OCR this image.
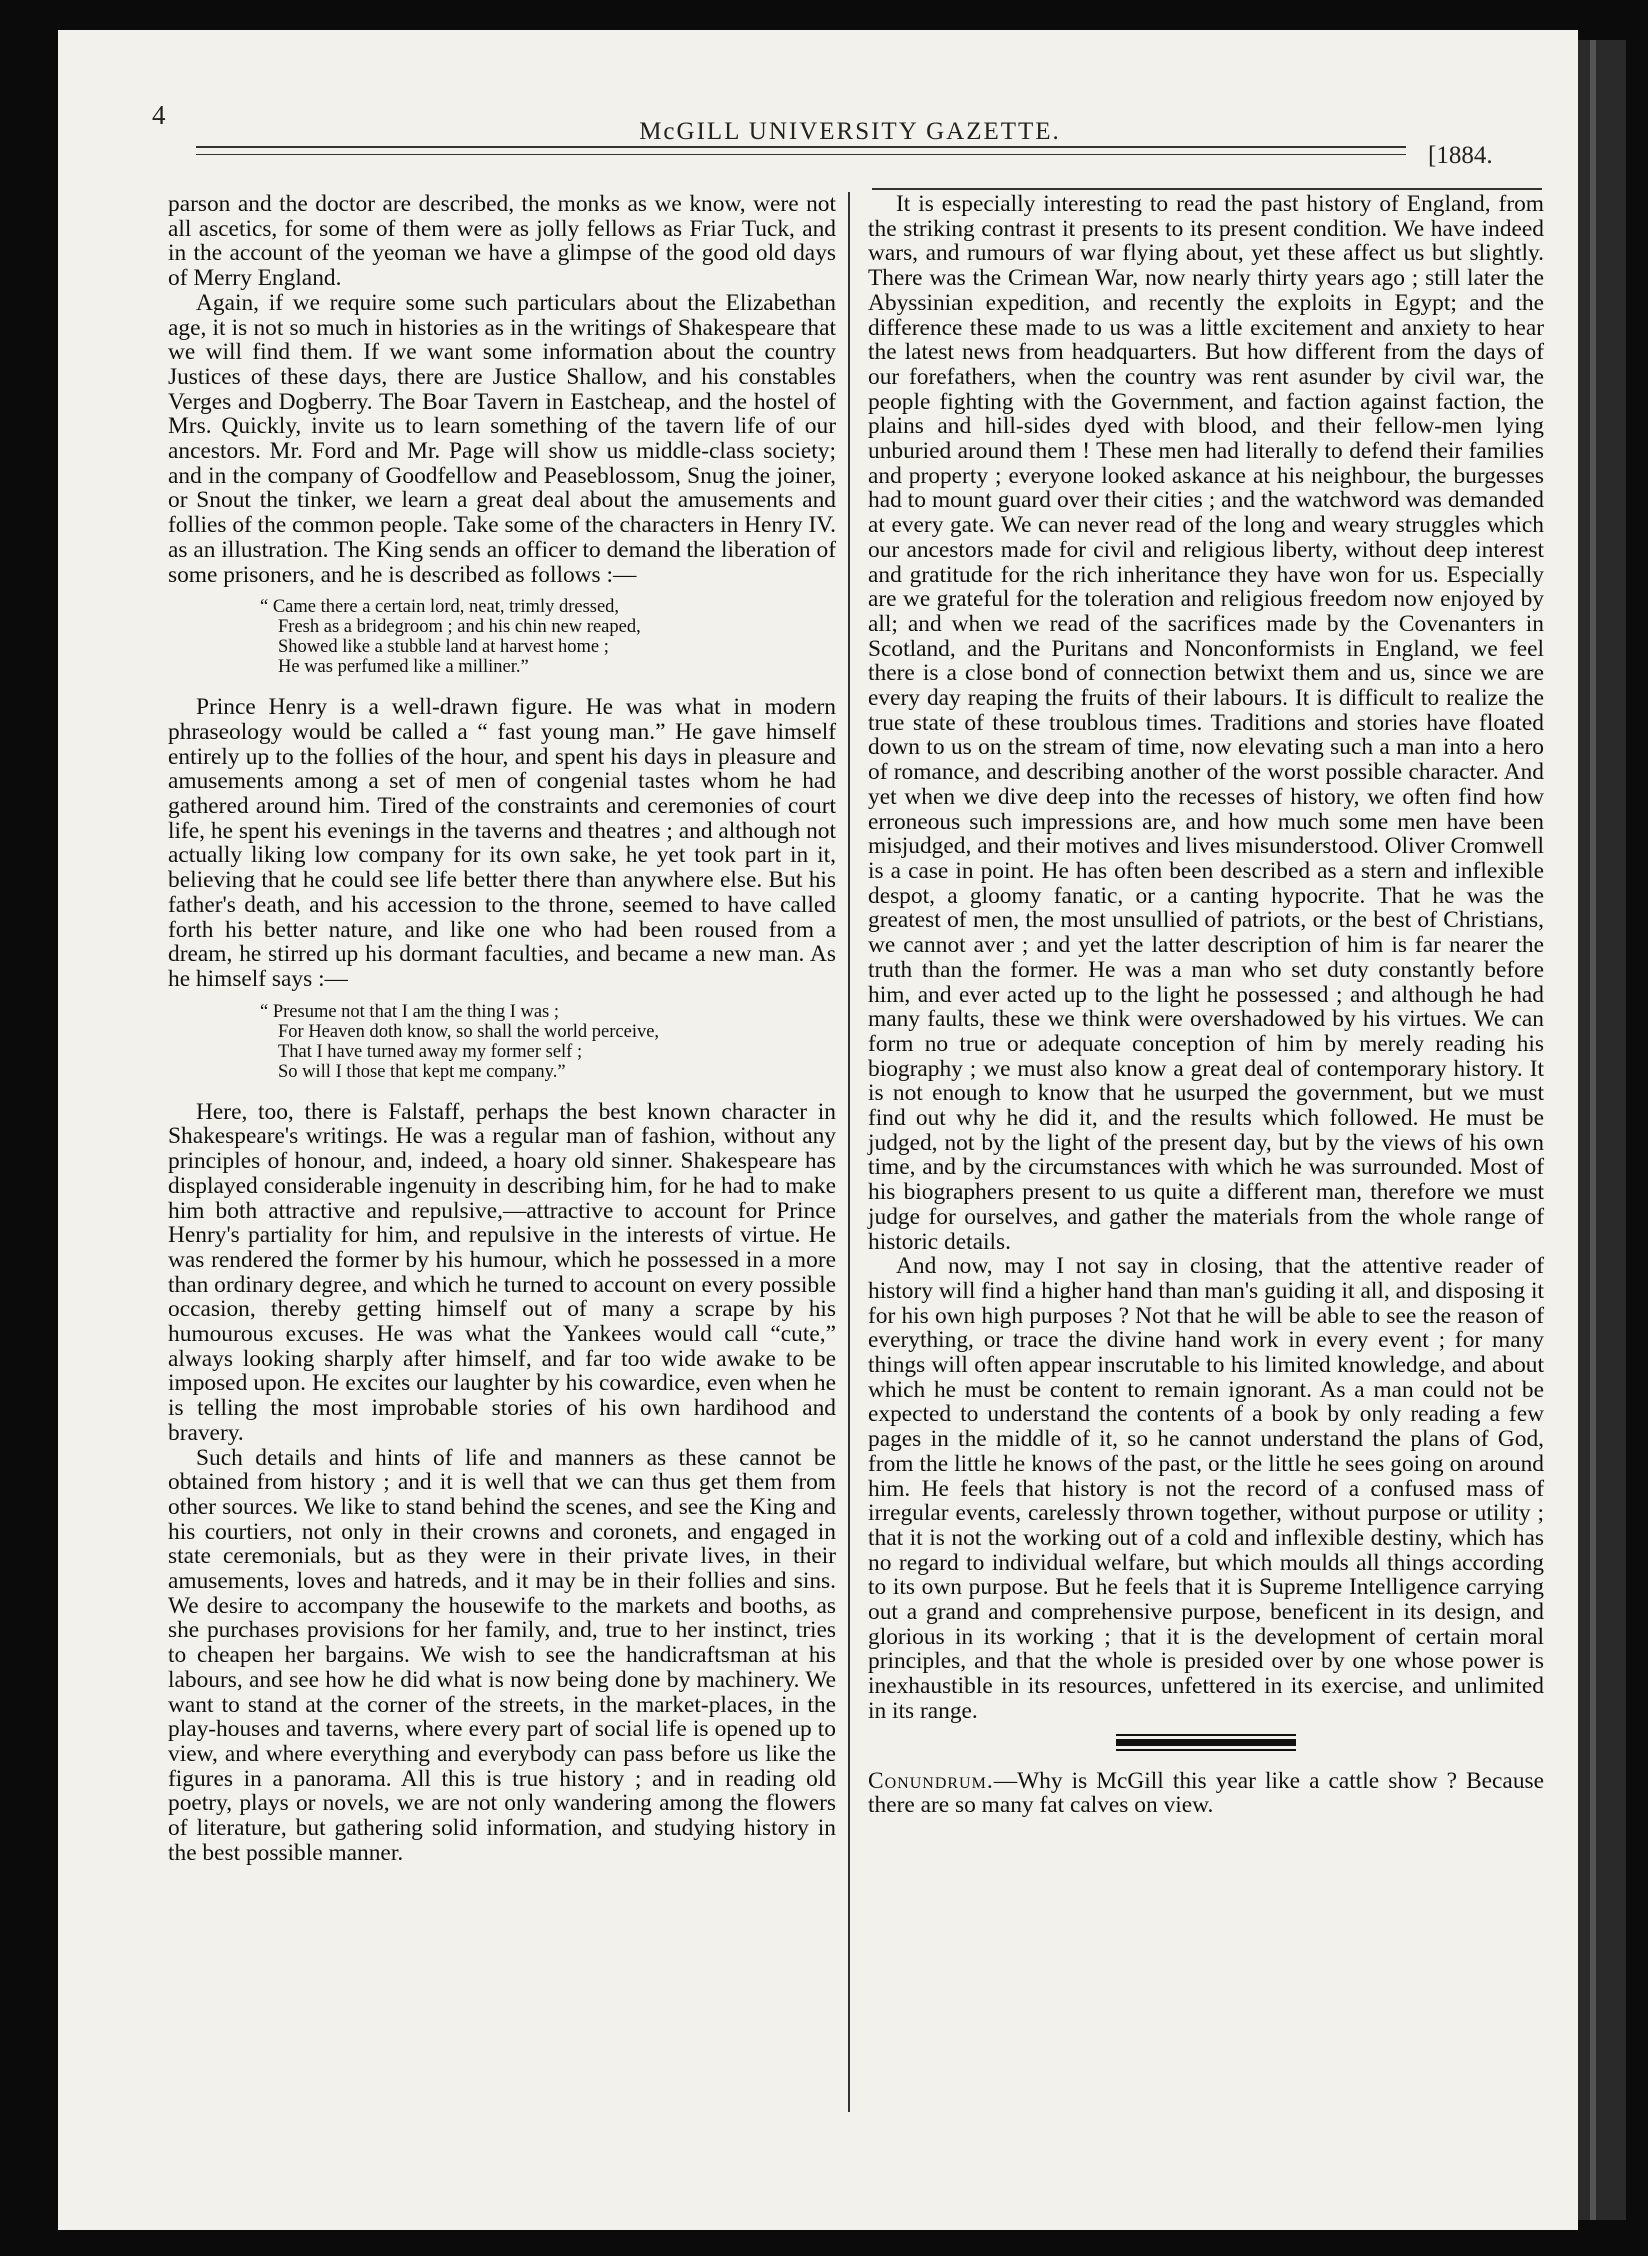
4
McGILL UNIVERSITY GAZETTE.
[1884.

parson and the doctor are described, the monks as we know, were not all ascetics, for some of them were as jolly fellows as Friar Tuck, and in the account of the yeoman we have a glimpse of the good old days of Merry England.

Again, if we require some such particulars about the Elizabethan age, it is not so much in histories as in the writings of Shakespeare that we will find them. If we want some information about the country Justices of these days, there are Justice Shallow, and his constables Verges and Dogberry. The Boar Tavern in Eastcheap, and the hostel of Mrs. Quickly, invite us to learn something of the tavern life of our ancestors. Mr. Ford and Mr. Page will show us middle-class society; and in the company of Goodfellow and Peaseblossom, Snug the joiner, or Snout the tinker, we learn a great deal about the amusements and follies of the common people. Take some of the characters in Henry IV. as an illustration. The King sends an officer to demand the liberation of some prisoners, and he is described as follows :—

“ Came there a certain lord, neat, trimly dressed,
Fresh as a bridegroom ; and his chin new reaped,
Showed like a stubble land at harvest home ;
He was perfumed like a milliner.”

Prince Henry is a well-drawn figure. He was what in modern phraseology would be called a “ fast young man.” He gave himself entirely up to the follies of the hour, and spent his days in pleasure and amusements among a set of men of congenial tastes whom he had gathered around him. Tired of the constraints and ceremonies of court life, he spent his evenings in the taverns and theatres ; and although not actually liking low company for its own sake, he yet took part in it, believing that he could see life better there than anywhere else. But his father's death, and his accession to the throne, seemed to have called forth his better nature, and like one who had been roused from a dream, he stirred up his dormant faculties, and became a new man. As he himself says :—

“ Presume not that I am the thing I was ;
For Heaven doth know, so shall the world perceive,
That I have turned away my former self ;
So will I those that kept me company.”

Here, too, there is Falstaff, perhaps the best known character in Shakespeare's writings. He was a regular man of fashion, without any principles of honour, and, indeed, a hoary old sinner. Shakespeare has displayed considerable ingenuity in describing him, for he had to make him both attractive and repulsive,—attractive to account for Prince Henry's partiality for him, and repulsive in the interests of virtue. He was rendered the former by his humour, which he possessed in a more than ordinary degree, and which he turned to account on every possible occasion, thereby getting himself out of many a scrape by his humourous excuses. He was what the Yankees would call “cute,” always looking sharply after himself, and far too wide awake to be imposed upon. He excites our laughter by his cowardice, even when he is telling the most improbable stories of his own hardihood and bravery.

Such details and hints of life and manners as these cannot be obtained from history ; and it is well that we can thus get them from other sources. We like to stand behind the scenes, and see the King and his courtiers, not only in their crowns and coronets, and engaged in state ceremonials, but as they were in their private lives, in their amusements, loves and hatreds, and it may be in their follies and sins. We desire to accompany the housewife to the markets and booths, as she purchases provisions for her family, and, true to her instinct, tries to cheapen her bargains. We wish to see the handicraftsman at his labours, and see how he did what is now being done by machinery. We want to stand at the corner of the streets, in the market-places, in the play-houses and taverns, where every part of social life is opened up to view, and where everything and everybody can pass before us like the figures in a panorama. All this is true history ; and in reading old poetry, plays or novels, we are not only wandering among the flowers of literature, but gathering solid information, and studying history in the best possible manner.

It is especially interesting to read the past history of England, from the striking contrast it presents to its present condition. We have indeed wars, and rumours of war flying about, yet these affect us but slightly. There was the Crimean War, now nearly thirty years ago ; still later the Abyssinian expedition, and recently the exploits in Egypt; and the difference these made to us was a little excitement and anxiety to hear the latest news from headquarters. But how different from the days of our forefathers, when the country was rent asunder by civil war, the people fighting with the Government, and faction against faction, the plains and hill-sides dyed with blood, and their fellow-men lying unburied around them ! These men had literally to defend their families and property ; everyone looked askance at his neighbour, the burgesses had to mount guard over their cities ; and the watchword was demanded at every gate. We can never read of the long and weary struggles which our ancestors made for civil and religious liberty, without deep interest and gratitude for the rich inheritance they have won for us. Especially are we grateful for the toleration and religious freedom now enjoyed by all; and when we read of the sacrifices made by the Covenanters in Scotland, and the Puritans and Nonconformists in England, we feel there is a close bond of connection betwixt them and us, since we are every day reaping the fruits of their labours. It is difficult to realize the true state of these troublous times. Traditions and stories have floated down to us on the stream of time, now elevating such a man into a hero of romance, and describing another of the worst possible character. And yet when we dive deep into the recesses of history, we often find how erroneous such impressions are, and how much some men have been misjudged, and their motives and lives misunderstood. Oliver Cromwell is a case in point. He has often been described as a stern and inflexible despot, a gloomy fanatic, or a canting hypocrite. That he was the greatest of men, the most unsullied of patriots, or the best of Christians, we cannot aver ; and yet the latter description of him is far nearer the truth than the former. He was a man who set duty constantly before him, and ever acted up to the light he possessed ; and although he had many faults, these we think were overshadowed by his virtues. We can form no true or adequate conception of him by merely reading his biography ; we must also know a great deal of contemporary history. It is not enough to know that he usurped the government, but we must find out why he did it, and the results which followed. He must be judged, not by the light of the present day, but by the views of his own time, and by the circumstances with which he was surrounded. Most of his biographers present to us quite a different man, therefore we must judge for ourselves, and gather the materials from the whole range of historic details.

And now, may I not say in closing, that the attentive reader of history will find a higher hand than man's guiding it all, and disposing it for his own high purposes ? Not that he will be able to see the reason of everything, or trace the divine hand work in every event ; for many things will often appear inscrutable to his limited knowledge, and about which he must be content to remain ignorant. As a man could not be expected to understand the contents of a book by only reading a few pages in the middle of it, so he cannot understand the plans of God, from the little he knows of the past, or the little he sees going on around him. He feels that history is not the record of a confused mass of irregular events, carelessly thrown together, without purpose or utility ; that it is not the working out of a cold and inflexible destiny, which has no regard to individual welfare, but which moulds all things according to its own purpose. But he feels that it is Supreme Intelligence carrying out a grand and comprehensive purpose, beneficent in its design, and glorious in its working ; that it is the development of certain moral principles, and that the whole is presided over by one whose power is inexhaustible in its resources, unfettered in its exercise, and unlimited in its range.

Conundrum.—Why is McGill this year like a cattle show ? Because there are so many fat calves on view.
